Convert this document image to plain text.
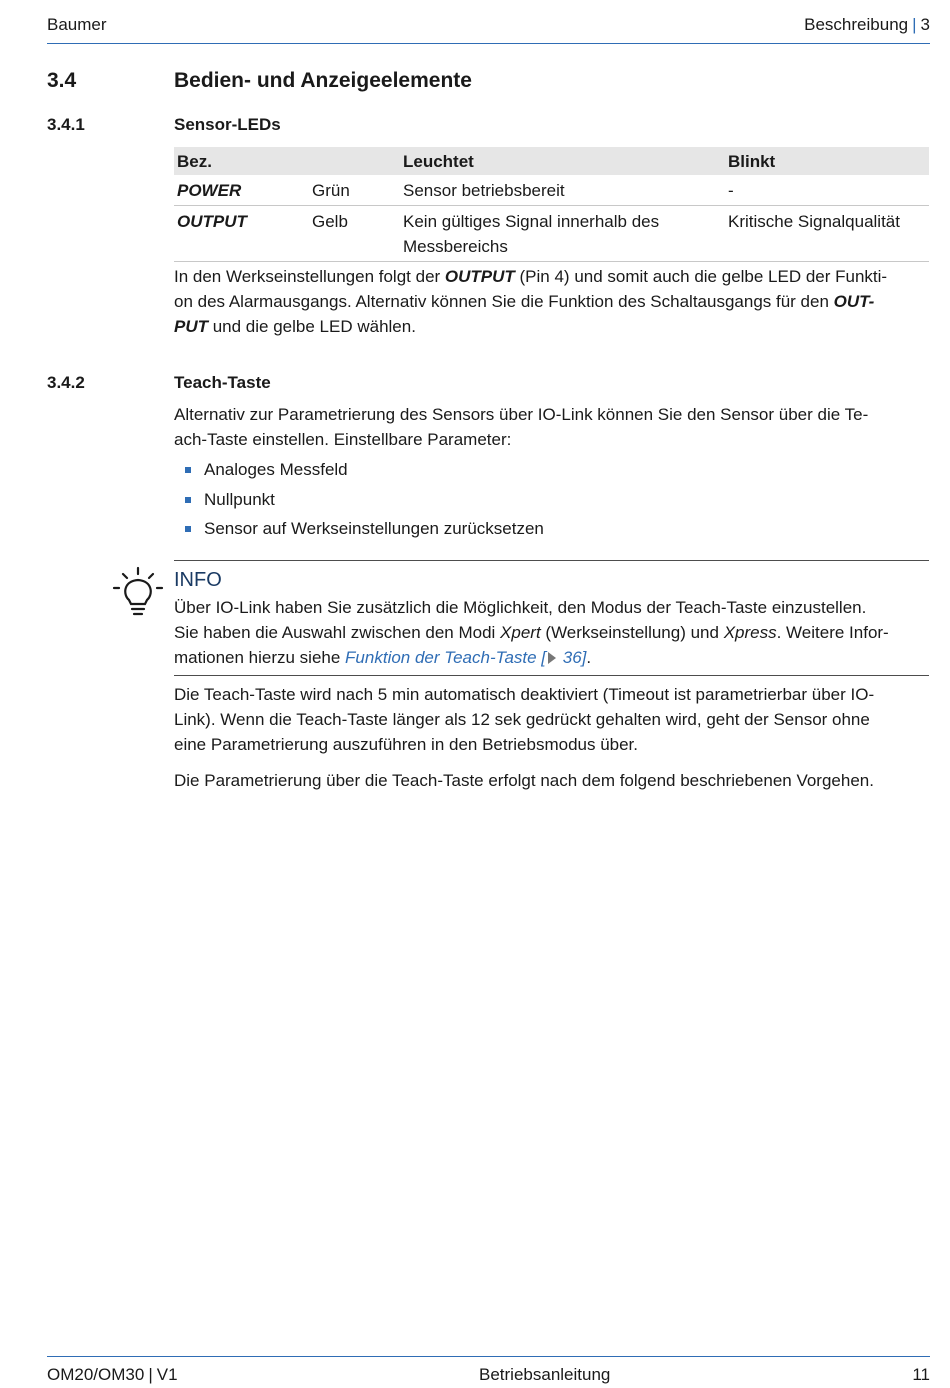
Baumer	Beschreibung | 3
3.4	Bedien- und Anzeigeelemente
3.4.1	Sensor-LEDs
Bez.		Leuchtet	Blinkt
POWER	Grün	Sensor betriebsbereit	-
OUTPUT	Gelb	Kein gültiges Signal innerhalb des Messbereichs	Kritische Signalqualität

In den Werkseinstellungen folgt der OUTPUT (Pin 4) und somit auch die gelbe LED der Funkti-

on des Alarmausgangs. Alternativ können Sie die Funktion des Schaltausgangs für den OUT-

PUT und die gelbe LED wählen.

3.4.2	Teach-Taste

Alternativ zur Parametrierung des Sensors über IO-Link können Sie den Sensor über die Te-

ach-Taste einstellen. Einstellbare Parameter:

Analoges Messfeld
Nullpunkt
Sensor auf Werkseinstellungen zurücksetzen
INFO

Über IO-Link haben Sie zusätzlich die Möglichkeit, den Modus der Teach-Taste einzustellen.

Sie haben die Auswahl zwischen den Modi Xpert (Werkseinstellung) und Xpress. Weitere Infor-

mationen hierzu siehe Funktion der Teach-Taste [ 36].

Die Teach-Taste wird nach 5 min automatisch deaktiviert (Timeout ist parametrierbar über IO-

Link). Wenn die Teach-Taste länger als 12 sek gedrückt gehalten wird, geht der Sensor ohne

eine Parametrierung auszuführen in den Betriebsmodus über.

Die Parametrierung über die Teach-Taste erfolgt nach dem folgend beschriebenen Vorgehen.

OM20/OM30 | V1	Betriebsanleitung	11
